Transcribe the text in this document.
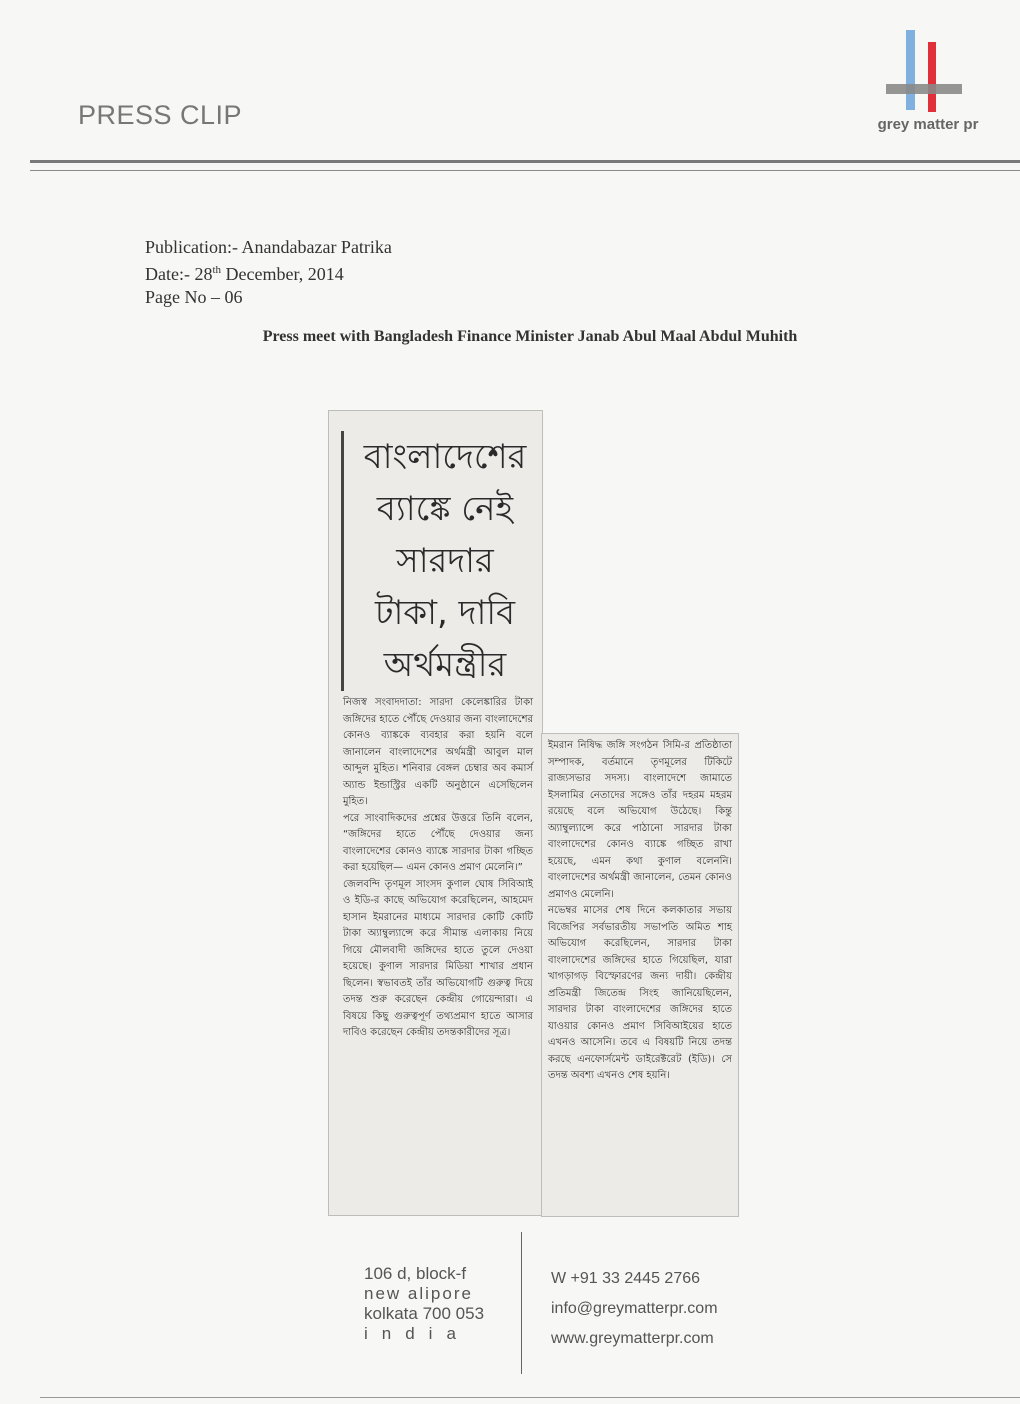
PRESS CLIP	grey matter pr
Publication:- Anandabazar Patrika
Date:- 28th December, 2014
Page No – 06
Press meet with Bangladesh Finance Minister Janab Abul Maal Abdul Muhith
বাংলাদেশের
ব্যাঙ্কে নেই
সারদার
টাকা, দাবি
অর্থমন্ত্রীর
নিজস্ব সংবাদদাতা: সারদা কেলেঙ্কারির টাকা জঙ্গিদের হাতে পৌঁছে দেওয়ার জন্য বাংলাদেশের কোনও ব্যাঙ্ককে ব্যবহার করা হয়নি বলে জানালেন বাংলাদেশের অর্থমন্ত্রী আবুল মাল আব্দুল মুহিত। শনিবার বেঙ্গল চেম্বার অব কমার্স অ্যান্ড ইন্ডাস্ট্রির একটি অনুষ্ঠানে এসেছিলেন মুহিত।
পরে সাংবাদিকদের প্রশ্নের উত্তরে তিনি বলেন, “জঙ্গিদের হাতে পৌঁছে দেওয়ার জন্য বাংলাদেশের কোনও ব্যাঙ্কে সারদার টাকা গচ্ছিত করা হয়েছিল— এমন কোনও প্রমাণ মেলেনি।”
জেলবন্দি তৃণমূল সাংসদ কুণাল ঘোষ সিবিআই ও ইডি-র কাছে অভিযোগ করেছিলেন, আহমেদ হাসান ইমরানের মাধ্যমে সারদার কোটি কোটি টাকা অ্যাম্বুল্যান্সে করে সীমান্ত এলাকায় নিয়ে গিয়ে মৌলবাদী জঙ্গিদের হাতে তুলে দেওয়া হয়েছে। কুণাল সারদার মিডিয়া শাখার প্রধান ছিলেন। স্বভাবতই তাঁর অভিযোগটি গুরুত্ব দিয়ে তদন্ত শুরু করেছেন কেন্দ্রীয় গোয়েন্দারা। এ বিষয়ে কিছু গুরুত্বপূর্ণ তথ্যপ্রমাণ হাতে আসার দাবিও করেছেন কেন্দ্রীয় তদন্তকারীদের সূত্র।
ইমরান নিষিদ্ধ জঙ্গি সংগঠন সিমি-র প্রতিষ্ঠাতা সম্পাদক, বর্তমানে তৃণমূলের টিকিটে রাজ্যসভার সদস্য। বাংলাদেশে জামাতে ইসলামির নেতাদের সঙ্গেও তাঁর দহরম মহরম রয়েছে বলে অভিযোগ উঠেছে। কিন্তু অ্যাম্বুল্যান্সে করে পাঠানো সারদার টাকা বাংলাদেশের কোনও ব্যাঙ্কে গচ্ছিত রাখা হয়েছে, এমন কথা কুণাল বলেননি। বাংলাদেশের অর্থমন্ত্রী জানালেন, তেমন কোনও প্রমাণও মেলেনি।
নভেম্বর মাসের শেষ দিনে কলকাতার সভায় বিজেপির সর্বভারতীয় সভাপতি অমিত শাহ অভিযোগ করেছিলেন, সারদার টাকা বাংলাদেশের জঙ্গিদের হাতে গিয়েছিল, যারা খাগড়াগড় বিস্ফোরণের জন্য দায়ী। কেন্দ্রীয় প্রতিমন্ত্রী জিতেন্দ্র সিংহ জানিয়েছিলেন, সারদার টাকা বাংলাদেশের জঙ্গিদের হাতে যাওয়ার কোনও প্রমাণ সিবিআইয়ের হাতে এখনও আসেনি। তবে এ বিষয়টি নিয়ে তদন্ত করছে এনফোর্সমেন্ট ডাইরেক্টরেট (ইডি)। সে তদন্ত অবশ্য এখনও শেষ হয়নি।
106 d, block-f
new alipore
kolkata 700 053
india
W +91 33 2445 2766
info@greymatterpr.com
www.greymatterpr.com
